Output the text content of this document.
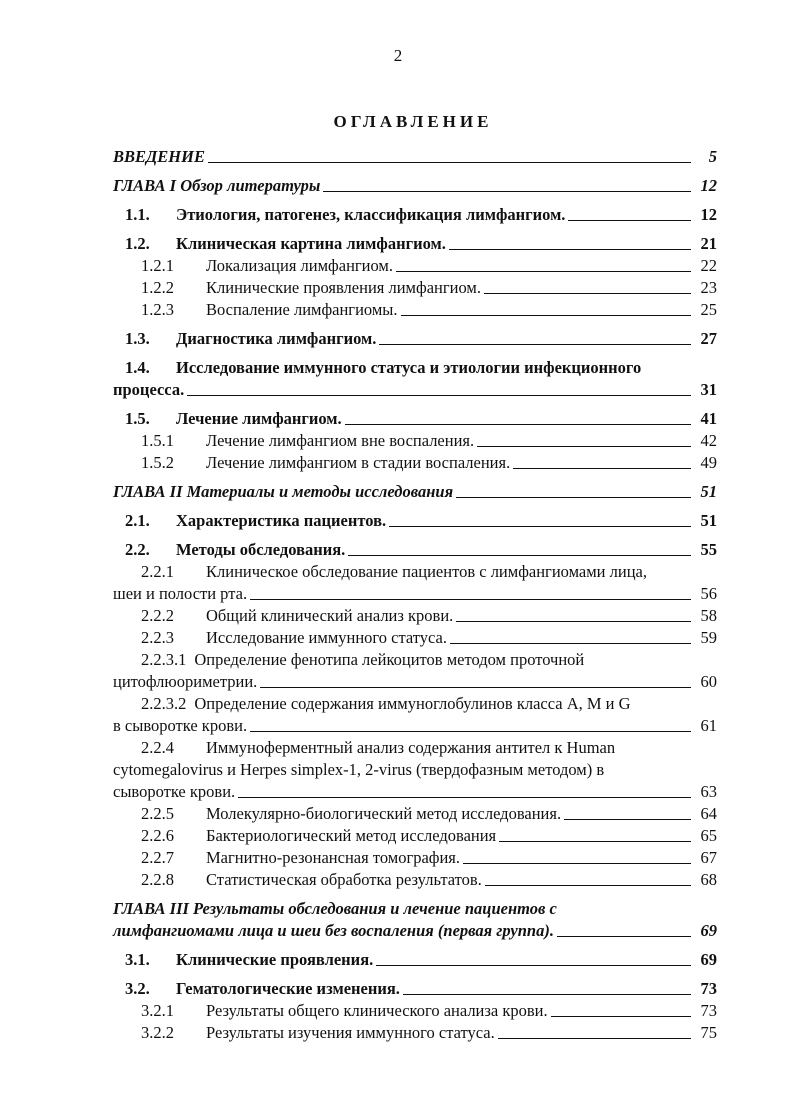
2
ОГЛАВЛЕНИЕ
ВВЕДЕНИЕ	5
ГЛАВА I Обзор литературы	12
1.1.	Этиология, патогенез, классификация лимфангиом.	12
1.2.	Клиническая картина лимфангиом.	21
1.2.1	Локализация лимфангиом.	22
1.2.2	Клинические проявления лимфангиом.	23
1.2.3	Воспаление лимфангиомы.	25
1.3.	Диагностика лимфангиом.	27
1.4.	Исследование иммунного статуса и этиологии инфекционного
процесса.	31
1.5.	Лечение лимфангиом.	41
1.5.1	Лечение лимфангиом вне воспаления.	42
1.5.2	Лечение лимфангиом в стадии воспаления.	49
ГЛАВА II Материалы и методы исследования	51
2.1.	Характеристика пациентов.	51
2.2.	Методы обследования.	55
2.2.1	Клиническое обследование пациентов с лимфангиомами лица,
шеи и полости рта.	56
2.2.2	Общий клинический анализ крови.	58
2.2.3	Исследование иммунного статуса.	59
2.2.3.1 Определение фенотипа лейкоцитов методом проточной
цитофлюориметрии.	60
2.2.3.2 Определение содержания иммуноглобулинов класса А, М и G
в сыворотке крови.	61
2.2.4	Иммуноферментный анализ содержания антител к Human
cytomegalovirus и Herpes simplex-1, 2-virus (твердофазным методом) в
сыворотке крови.	63
2.2.5	Молекулярно-биологический метод исследования.	64
2.2.6	Бактериологический метод исследования	65
2.2.7	Магнитно-резонансная томография.	67
2.2.8	Статистическая обработка результатов.	68
ГЛАВА III Результаты обследования и лечение пациентов с
лимфангиомами лица и шеи без воспаления (первая группа).	69
3.1.	Клинические проявления.	69
3.2.	Гематологические изменения.	73
3.2.1	Результаты общего клинического анализа крови.	73
3.2.2	Результаты изучения иммунного статуса.	75
